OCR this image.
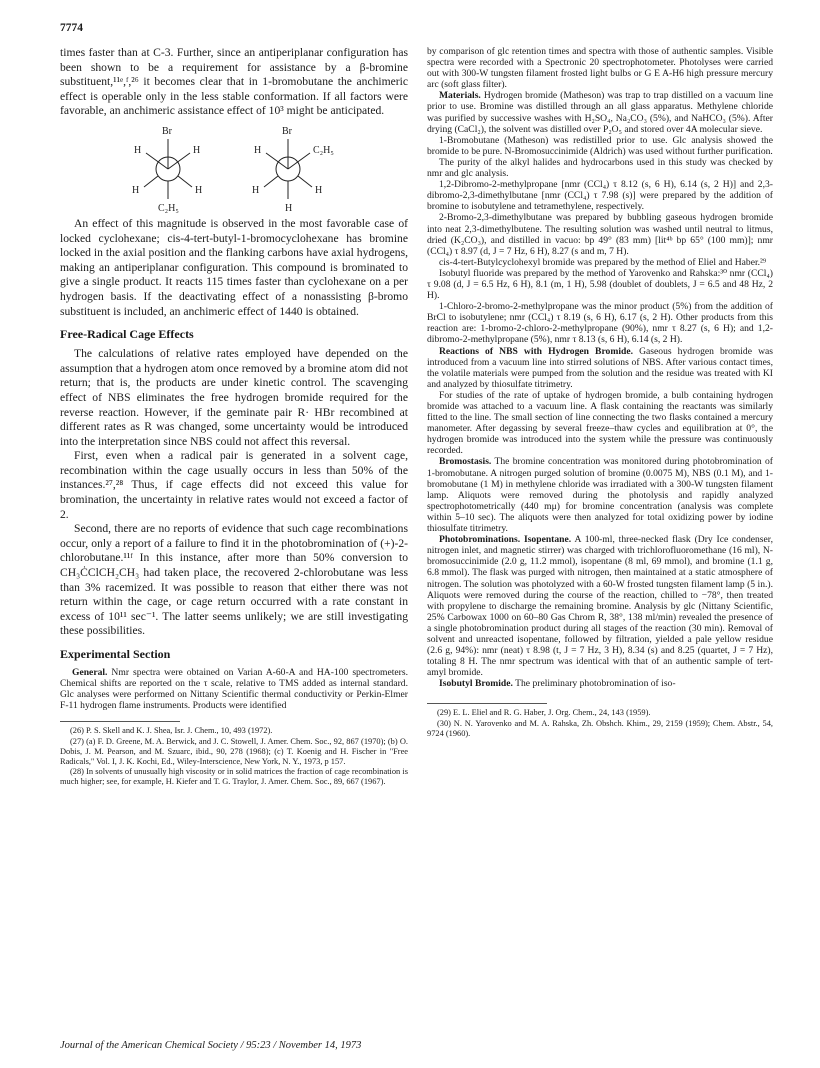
7774

times faster than at C-3. Further, since an antiperiplanar configuration has been shown to be a requirement for assistance by a β-bromine substituent,¹¹ᵉ,ᶠ,²⁶ it becomes clear that in 1-bromobutane the anchimeric effect is operable only in the less stable conformation. If all factors were favorable, an anchimeric assistance effect of 10³ might be anticipated.

Br
H	H
H	H
C₂H₅
Br
H	C₂H₅
H	H
H

An effect of this magnitude is observed in the most favorable case of locked cyclohexane; cis-4-tert-butyl-1-bromocyclohexane has bromine locked in the axial position and the flanking carbons have axial hydrogens, making an antiperiplanar configuration. This compound is brominated to give a single product. It reacts 115 times faster than cyclohexane on a per hydrogen basis. If the deactivating effect of a nonassisting β-bromo substituent is included, an anchimeric effect of 1440 is obtained.

Free-Radical Cage Effects

The calculations of relative rates employed have depended on the assumption that a hydrogen atom once removed by a bromine atom did not return; that is, the products are under kinetic control. The scavenging effect of NBS eliminates the free hydrogen bromide required for the reverse reaction. However, if the geminate pair R· HBr recombined at different rates as R was changed, some uncertainty would be introduced into the interpretation since NBS could not affect this reversal.

First, even when a radical pair is generated in a solvent cage, recombination within the cage usually occurs in less than 50% of the instances.²⁷,²⁸ Thus, if cage effects did not exceed this value for bromination, the uncertainty in relative rates would not exceed a factor of 2.

Second, there are no reports of evidence that such cage recombinations occur, only a report of a failure to find it in the photobromination of (+)-2-chlorobutane.¹¹ᶠ In this instance, after more than 50% conversion to CH₃ĊClCH₂CH₃ had taken place, the recovered 2-chlorobutane was less than 3% racemized. It was possible to reason that either there was not return within the cage, or cage return occurred with a rate constant in excess of 10¹¹ sec⁻¹. The latter seems unlikely; we are still investigating these possibilities.

Experimental Section

General. Nmr spectra were obtained on Varian A-60-A and HA-100 spectrometers. Chemical shifts are reported on the τ scale, relative to TMS added as internal standard. Glc analyses were performed on Nittany Scientific thermal conductivity or Perkin-Elmer F-11 hydrogen flame instruments. Products were identified

(26) P. S. Skell and K. J. Shea, Isr. J. Chem., 10, 493 (1972).

(27) (a) F. D. Greene, M. A. Berwick, and J. C. Stowell, J. Amer. Chem. Soc., 92, 867 (1970); (b) O. Dobis, J. M. Pearson, and M. Szuarc, ibid., 90, 278 (1968); (c) T. Koenig and H. Fischer in "Free Radicals," Vol. I, J. K. Kochi, Ed., Wiley-Interscience, New York, N. Y., 1973, p 157.

(28) In solvents of unusually high viscosity or in solid matrices the fraction of cage recombination is much higher; see, for example, H. Kiefer and T. G. Traylor, J. Amer. Chem. Soc., 89, 667 (1967).

by comparison of glc retention times and spectra with those of authentic samples. Visible spectra were recorded with a Spectronic 20 spectrophotometer. Photolyses were carried out with 300-W tungsten filament frosted light bulbs or G E A-H6 high pressure mercury arc (soft glass filter).

Materials. Hydrogen bromide (Matheson) was trap to trap distilled on a vacuum line prior to use. Bromine was distilled through an all glass apparatus. Methylene chloride was purified by successive washes with H₂SO₄, Na₂CO₃ (5%), and NaHCO₃ (5%). After drying (CaCl₂), the solvent was distilled over P₂O₅ and stored over 4A molecular sieve.

1-Bromobutane (Matheson) was redistilled prior to use. Glc analysis showed the bromide to be pure. N-Bromosuccinimide (Aldrich) was used without further purification.

The purity of the alkyl halides and hydrocarbons used in this study was checked by nmr and glc analysis.

1,2-Dibromo-2-methylpropane [nmr (CCl₄) τ 8.12 (s, 6 H), 6.14 (s, 2 H)] and 2,3-dibromo-2,3-dimethylbutane [nmr (CCl₄) τ 7.98 (s)] were prepared by the addition of bromine to isobutylene and tetramethylene, respectively.

2-Bromo-2,3-dimethylbutane was prepared by bubbling gaseous hydrogen bromide into neat 2,3-dimethylbutene. The resulting solution was washed until neutral to litmus, dried (K₂CO₃), and distilled in vacuo: bp 49° (83 mm) [lit⁴ᵇ bp 65° (100 mm)]; nmr (CCl₄) τ 8.97 (d, J = 7 Hz, 6 H), 8.27 (s and m, 7 H).

cis-4-tert-Butylcyclohexyl bromide was prepared by the method of Eliel and Haber.²⁹

Isobutyl fluoride was prepared by the method of Yarovenko and Rahska:³⁰ nmr (CCl₄) τ 9.08 (d, J = 6.5 Hz, 6 H), 8.1 (m, 1 H), 5.98 (doublet of doublets, J = 6.5 and 48 Hz, 2 H).

1-Chloro-2-bromo-2-methylpropane was the minor product (5%) from the addition of BrCl to isobutylene; nmr (CCl₄) τ 8.19 (s, 6 H), 6.17 (s, 2 H). Other products from this reaction are: 1-bromo-2-chloro-2-methylpropane (90%), nmr τ 8.27 (s, 6 H); and 1,2-dibromo-2-methylpropane (5%), nmr τ 8.13 (s, 6 H), 6.14 (s, 2 H).

Reactions of NBS with Hydrogen Bromide. Gaseous hydrogen bromide was introduced from a vacuum line into stirred solutions of NBS. After various contact times, the volatile materials were pumped from the solution and the residue was treated with KI and analyzed by thiosulfate titrimetry.

For studies of the rate of uptake of hydrogen bromide, a bulb containing hydrogen bromide was attached to a vacuum line. A flask containing the reactants was similarly fitted to the line. The small section of line connecting the two flasks contained a mercury manometer. After degassing by several freeze–thaw cycles and equilibration at 0°, the hydrogen bromide was introduced into the system while the pressure was continuously recorded.

Bromostasis. The bromine concentration was monitored during photobromination of 1-bromobutane. A nitrogen purged solution of bromine (0.0075 M), NBS (0.1 M), and 1-bromobutane (1 M) in methylene chloride was irradiated with a 300-W tungsten filament lamp. Aliquots were removed during the photolysis and rapidly analyzed spectrophotometrically (440 mμ) for bromine concentration (analysis was complete within 5–10 sec). The aliquots were then analyzed for total oxidizing power by iodine thiosulfate titrimetry.

Photobrominations. Isopentane. A 100-ml, three-necked flask (Dry Ice condenser, nitrogen inlet, and magnetic stirrer) was charged with trichlorofluoromethane (16 ml), N-bromosuccinimide (2.0 g, 11.2 mmol), isopentane (8 ml, 69 mmol), and bromine (1.1 g, 6.8 mmol). The flask was purged with nitrogen, then maintained at a static atmosphere of nitrogen. The solution was photolyzed with a 60-W frosted tungsten filament lamp (5 in.). Aliquots were removed during the course of the reaction, chilled to −78°, then treated with propylene to discharge the remaining bromine. Analysis by glc (Nittany Scientific, 25% Carbowax 1000 on 60–80 Gas Chrom R, 38°, 138 ml/min) revealed the presence of a single photobromination product during all stages of the reaction (30 min). Removal of solvent and unreacted isopentane, followed by filtration, yielded a pale yellow residue (2.6 g, 94%): nmr (neat) τ 8.98 (t, J = 7 Hz, 3 H), 8.34 (s) and 8.25 (quartet, J = 7 Hz), totaling 8 H. The nmr spectrum was identical with that of an authentic sample of tert-amyl bromide.

Isobutyl Bromide. The preliminary photobromination of iso-

(29) E. L. Eliel and R. G. Haber, J. Org. Chem., 24, 143 (1959).

(30) N. N. Yarovenko and M. A. Rahska, Zh. Obshch. Khim., 29, 2159 (1959); Chem. Abstr., 54, 9724 (1960).

Journal of the American Chemical Society / 95:23 / November 14, 1973
